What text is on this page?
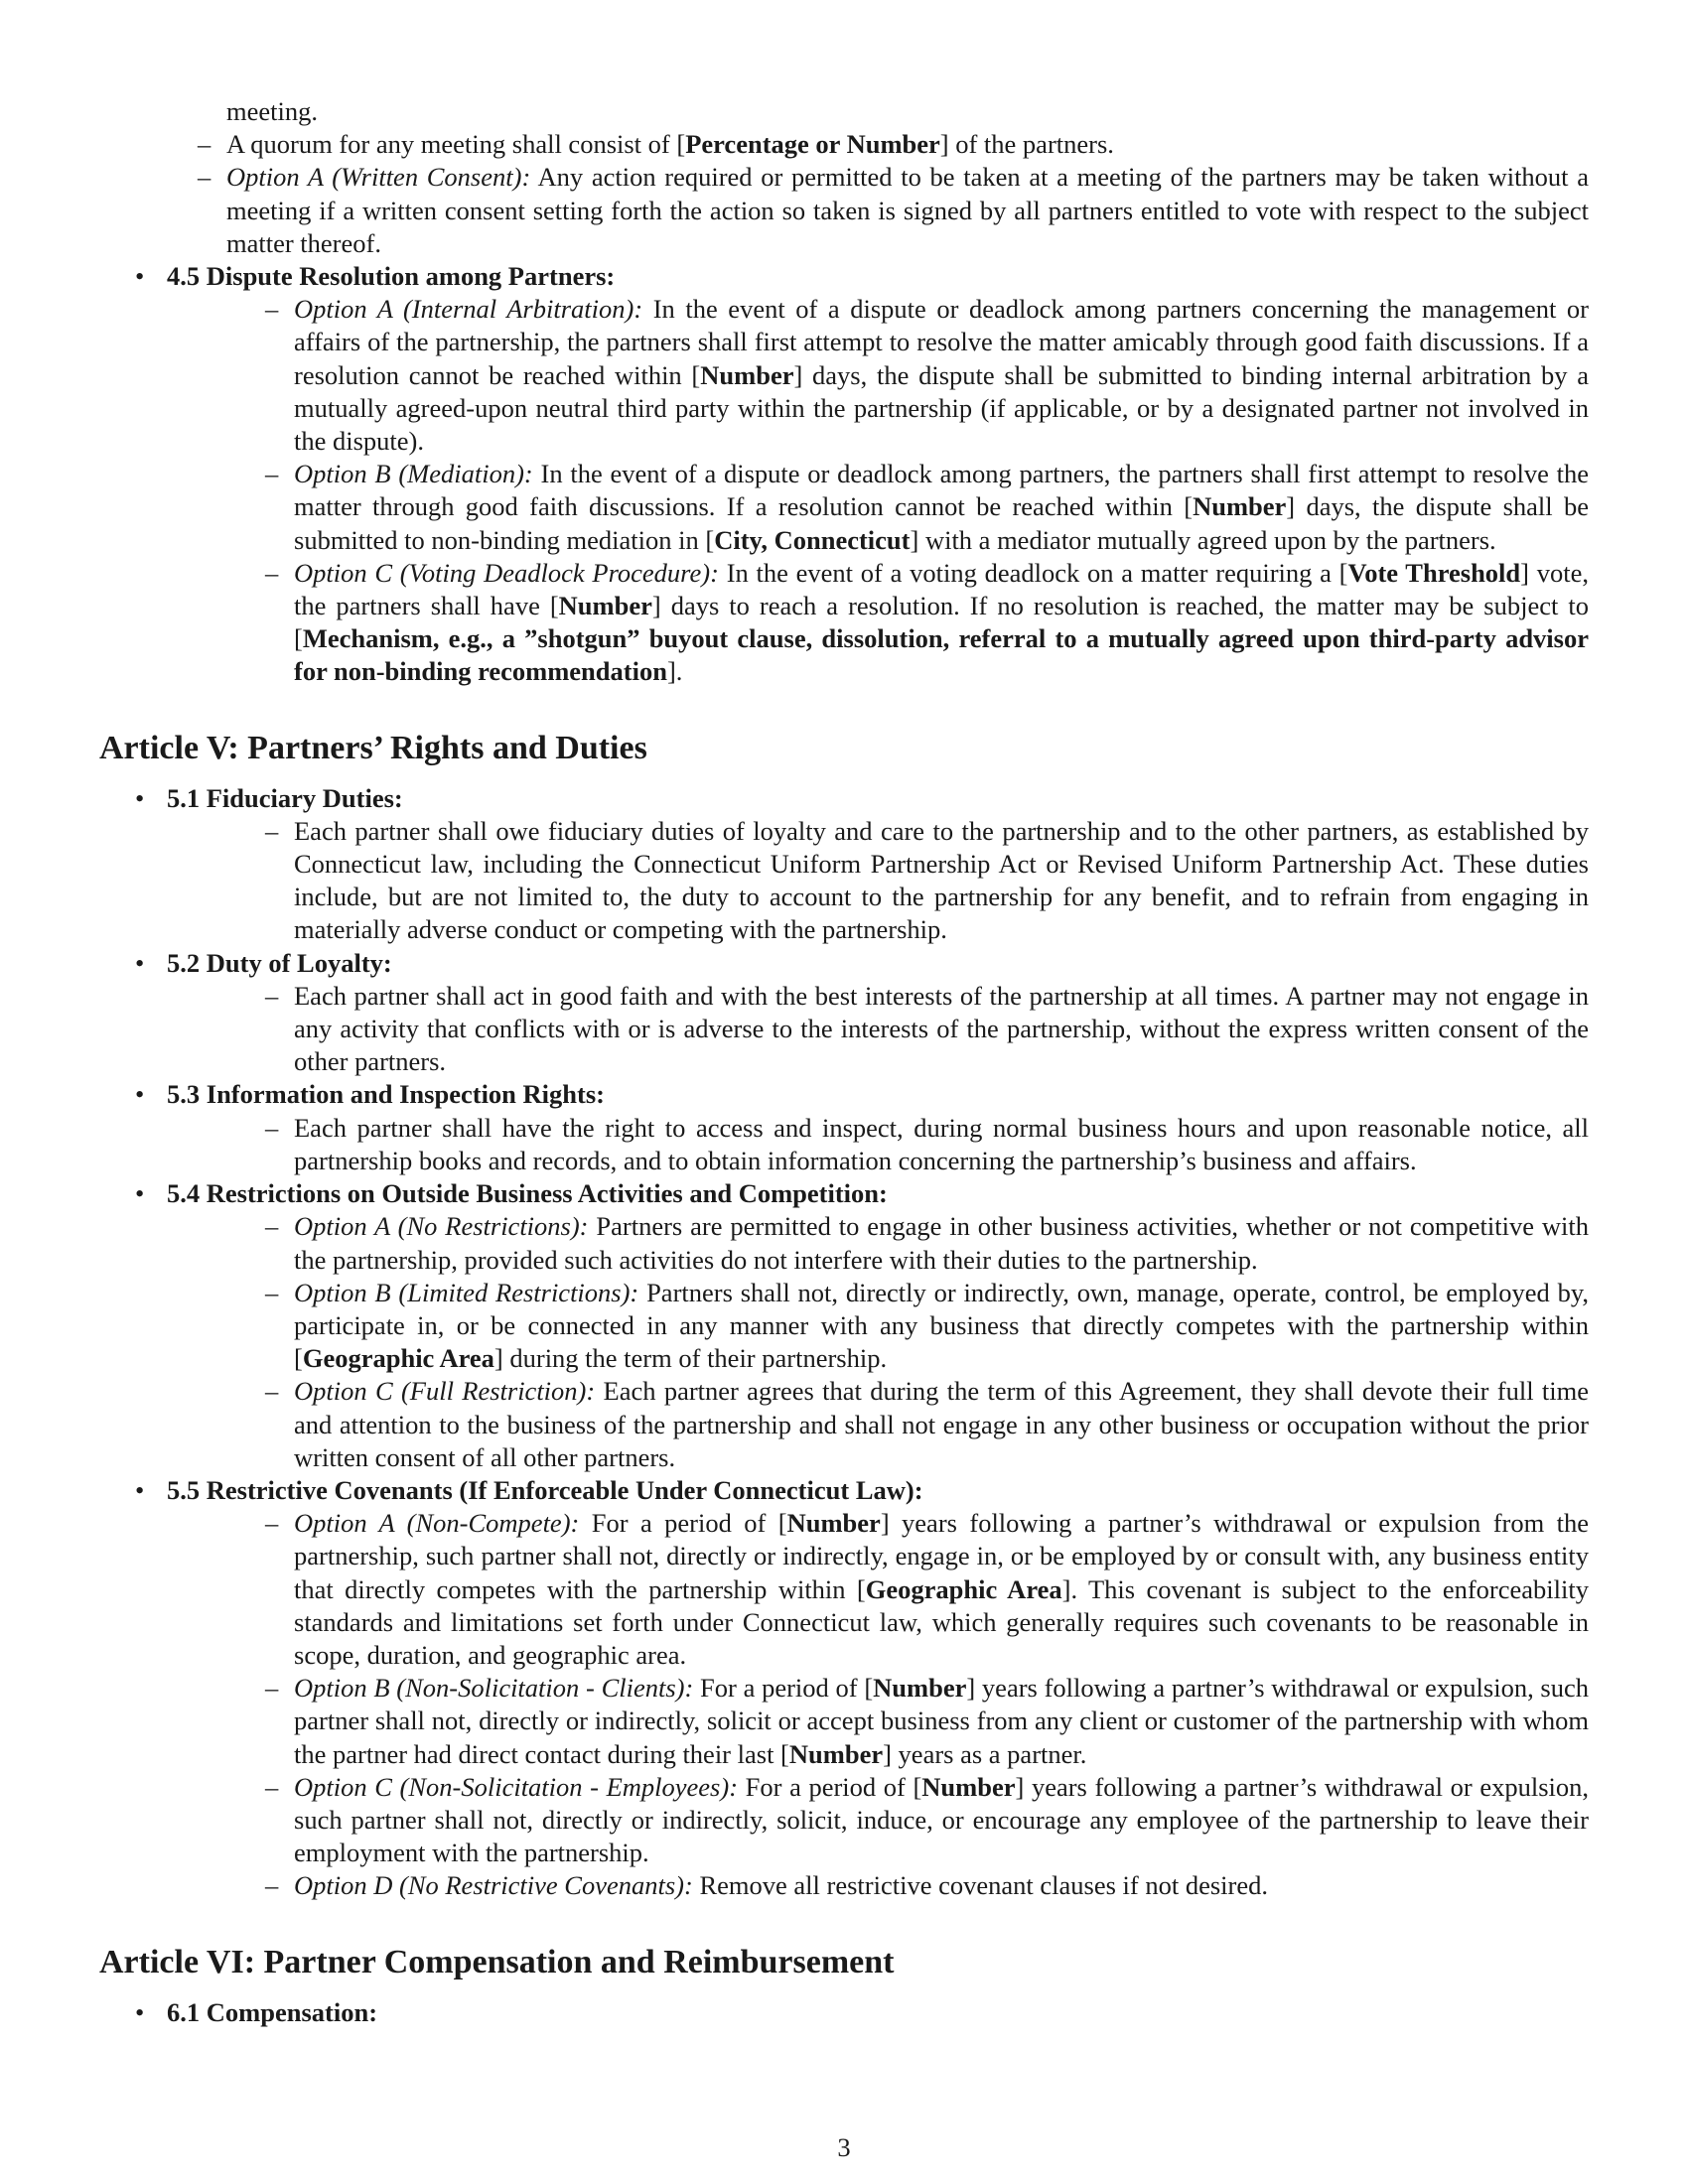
meeting.
– A quorum for any meeting shall consist of [Percentage or Number] of the partners.
– Option A (Written Consent): Any action required or permitted to be taken at a meeting of the partners may be taken without a meeting if a written consent setting forth the action so taken is signed by all partners entitled to vote with respect to the subject matter thereof.
• 4.5 Dispute Resolution among Partners:
– Option A (Internal Arbitration): In the event of a dispute or deadlock among partners concerning the management or affairs of the partnership, the partners shall first attempt to resolve the matter amicably through good faith discussions. If a resolution cannot be reached within [Number] days, the dispute shall be submitted to binding internal arbitration by a mutually agreed-upon neutral third party within the partnership (if applicable, or by a designated partner not involved in the dispute).
– Option B (Mediation): In the event of a dispute or deadlock among partners, the partners shall first attempt to resolve the matter through good faith discussions. If a resolution cannot be reached within [Number] days, the dispute shall be submitted to non-binding mediation in [City, Connecticut] with a mediator mutually agreed upon by the partners.
– Option C (Voting Deadlock Procedure): In the event of a voting deadlock on a matter requiring a [Vote Threshold] vote, the partners shall have [Number] days to reach a resolution. If no resolution is reached, the matter may be subject to [Mechanism, e.g., a ”shotgun” buyout clause, dissolution, referral to a mutually agreed upon third-party advisor for non-binding recommendation].
Article V: Partners’ Rights and Duties
• 5.1 Fiduciary Duties:
– Each partner shall owe fiduciary duties of loyalty and care to the partnership and to the other partners, as established by Connecticut law, including the Connecticut Uniform Partnership Act or Revised Uniform Partnership Act. These duties include, but are not limited to, the duty to account to the partnership for any benefit, and to refrain from engaging in materially adverse conduct or competing with the partnership.
• 5.2 Duty of Loyalty:
– Each partner shall act in good faith and with the best interests of the partnership at all times. A partner may not engage in any activity that conflicts with or is adverse to the interests of the partnership, without the express written consent of the other partners.
• 5.3 Information and Inspection Rights:
– Each partner shall have the right to access and inspect, during normal business hours and upon reasonable notice, all partnership books and records, and to obtain information concerning the partnership’s business and affairs.
• 5.4 Restrictions on Outside Business Activities and Competition:
– Option A (No Restrictions): Partners are permitted to engage in other business activities, whether or not competitive with the partnership, provided such activities do not interfere with their duties to the partnership.
– Option B (Limited Restrictions): Partners shall not, directly or indirectly, own, manage, operate, control, be employed by, participate in, or be connected in any manner with any business that directly competes with the partnership within [Geographic Area] during the term of their partnership.
– Option C (Full Restriction): Each partner agrees that during the term of this Agreement, they shall devote their full time and attention to the business of the partnership and shall not engage in any other business or occupation without the prior written consent of all other partners.
• 5.5 Restrictive Covenants (If Enforceable Under Connecticut Law):
– Option A (Non-Compete): For a period of [Number] years following a partner’s withdrawal or expulsion from the partnership, such partner shall not, directly or indirectly, engage in, or be employed by or consult with, any business entity that directly competes with the partnership within [Geographic Area]. This covenant is subject to the enforceability standards and limitations set forth under Connecticut law, which generally requires such covenants to be reasonable in scope, duration, and geographic area.
– Option B (Non-Solicitation - Clients): For a period of [Number] years following a partner’s withdrawal or expulsion, such partner shall not, directly or indirectly, solicit or accept business from any client or customer of the partnership with whom the partner had direct contact during their last [Number] years as a partner.
– Option C (Non-Solicitation - Employees): For a period of [Number] years following a partner’s withdrawal or expulsion, such partner shall not, directly or indirectly, solicit, induce, or encourage any employee of the partnership to leave their employment with the partnership.
– Option D (No Restrictive Covenants): Remove all restrictive covenant clauses if not desired.
Article VI: Partner Compensation and Reimbursement
• 6.1 Compensation:
3
